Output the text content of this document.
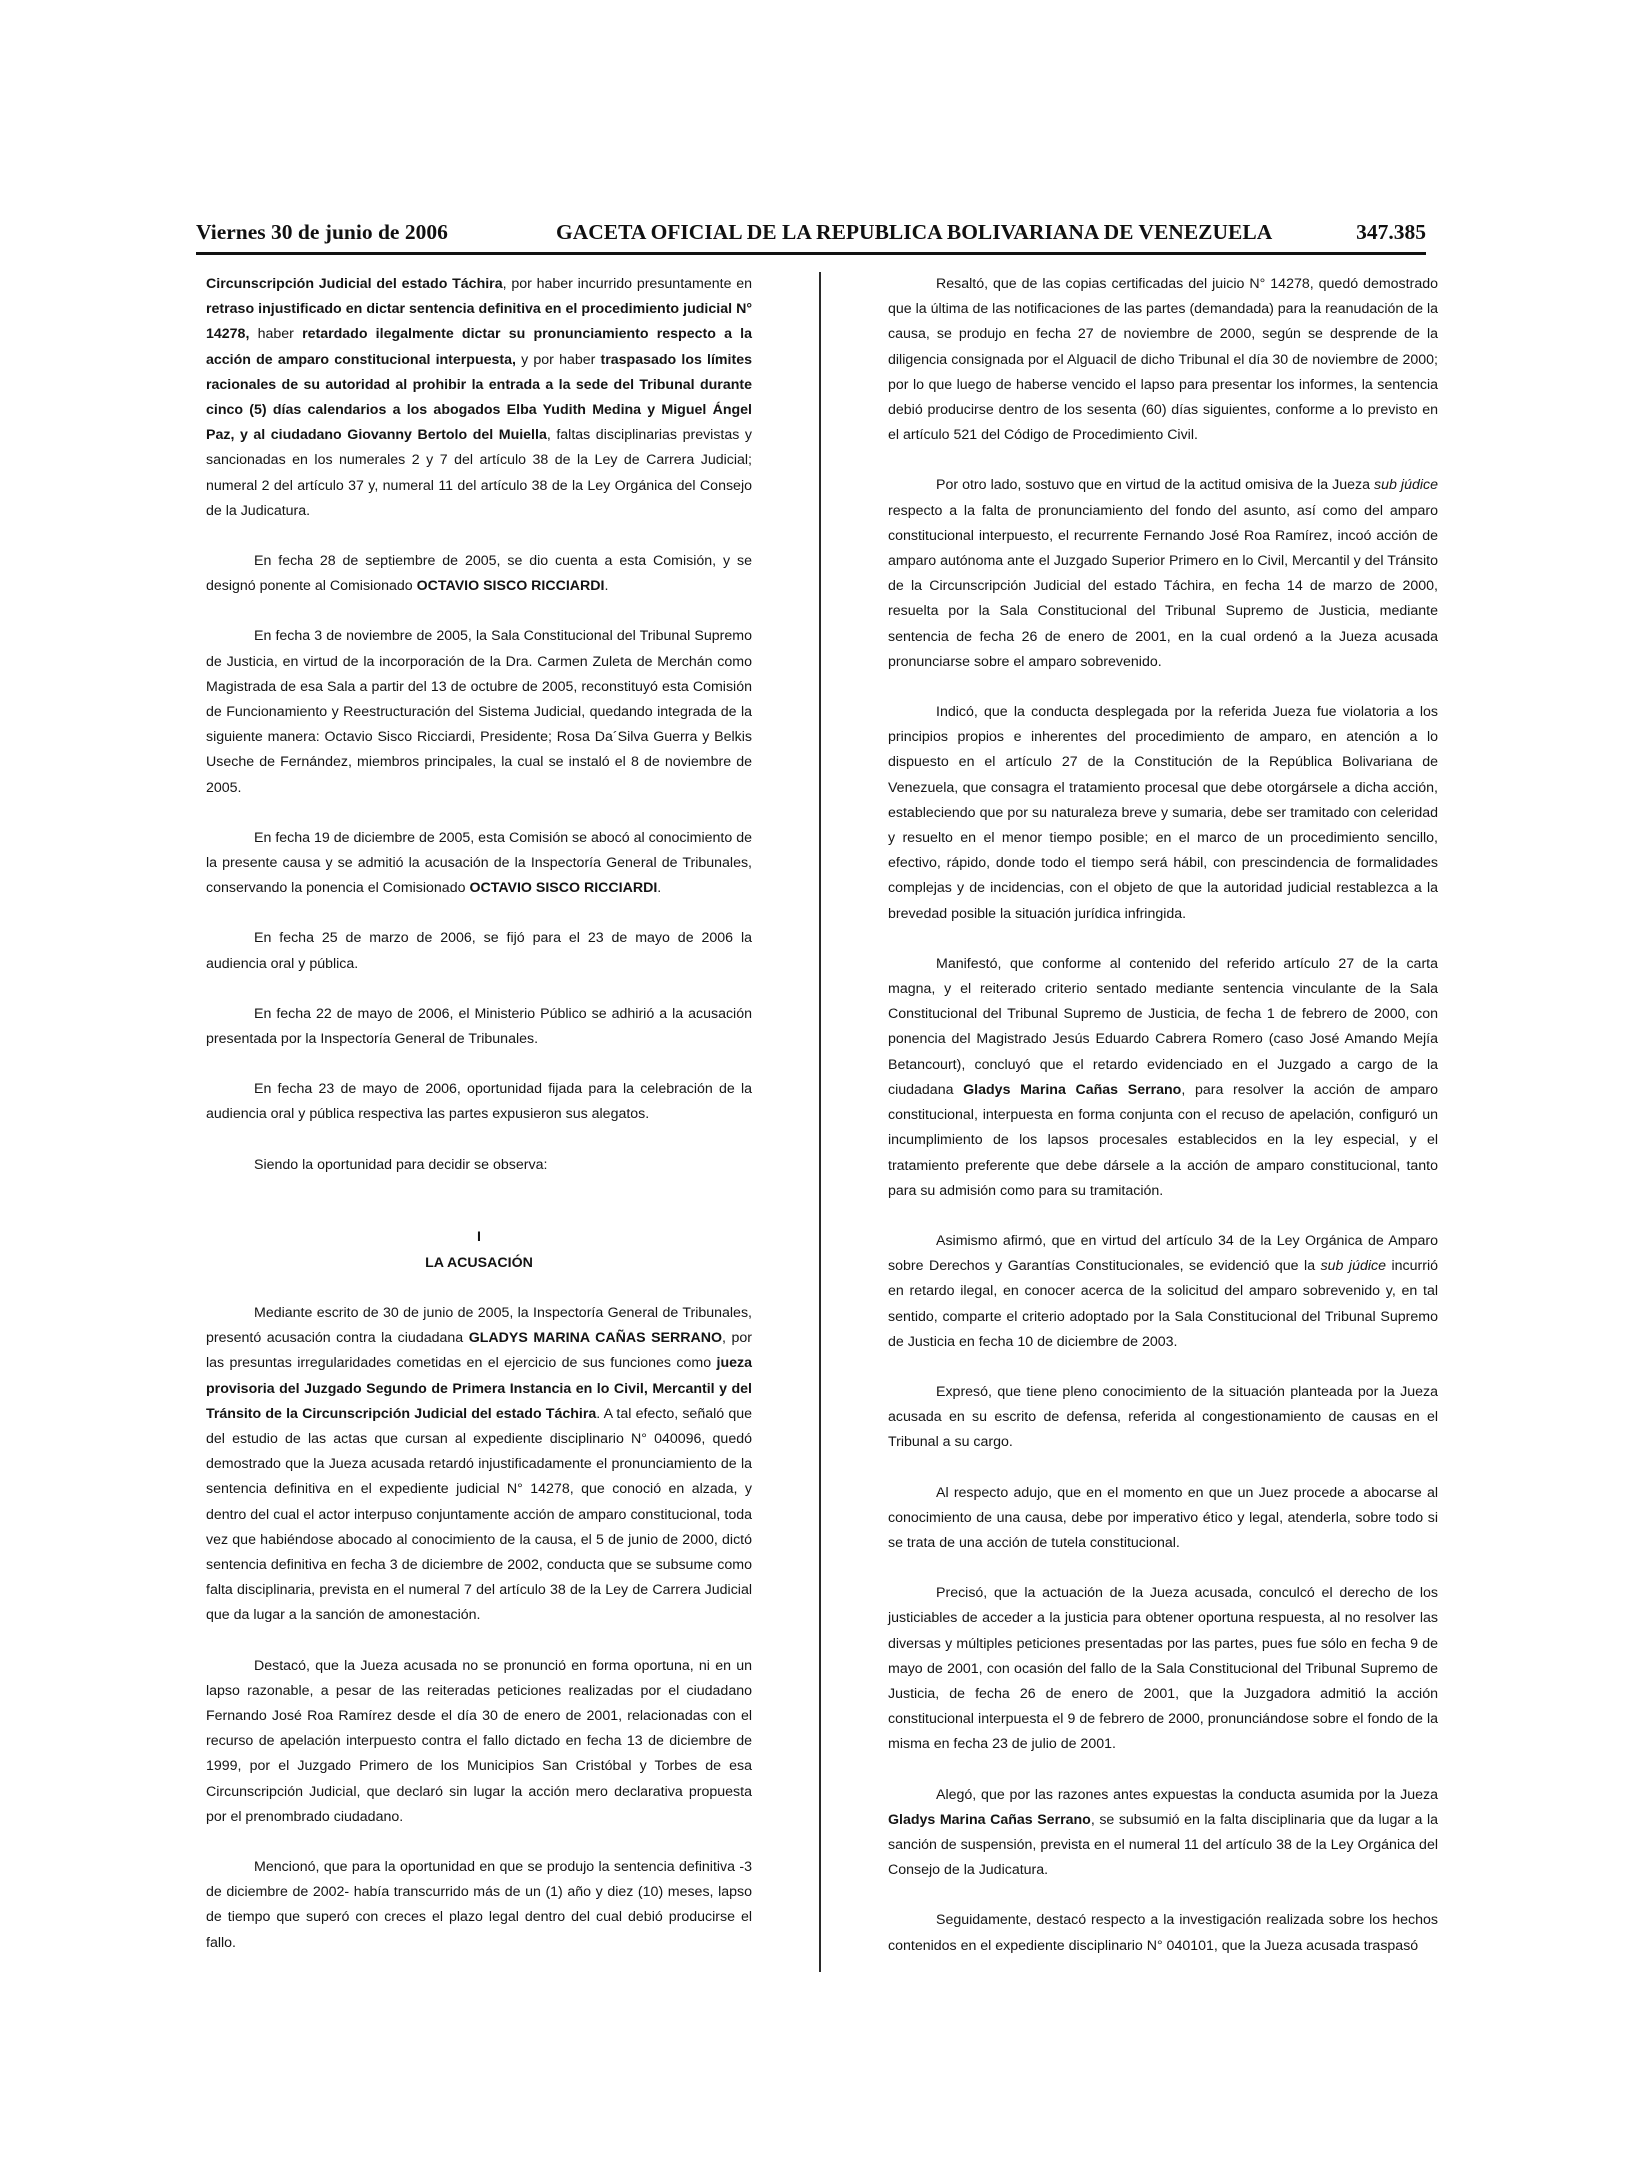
Viernes 30 de junio de 2006	GACETA OFICIAL DE LA REPUBLICA BOLIVARIANA DE VENEZUELA	347.385

Circunscripción Judicial del estado Táchira, por haber incurrido presuntamente en retraso injustificado en dictar sentencia definitiva en el procedimiento judicial N° 14278, haber retardado ilegalmente dictar su pronunciamiento respecto a la acción de amparo constitucional interpuesta, y por haber traspasado los límites racionales de su autoridad al prohibir la entrada a la sede del Tribunal durante cinco (5) días calendarios a los abogados Elba Yudith Medina y Miguel Ángel Paz, y al ciudadano Giovanny Bertolo del Muiella, faltas disciplinarias previstas y sancionadas en los numerales 2 y 7 del artículo 38 de la Ley de Carrera Judicial; numeral 2 del artículo 37 y, numeral 11 del artículo 38 de la Ley Orgánica del Consejo de la Judicatura.

En fecha 28 de septiembre de 2005, se dio cuenta a esta Comisión, y se designó ponente al Comisionado OCTAVIO SISCO RICCIARDI.

En fecha 3 de noviembre de 2005, la Sala Constitucional del Tribunal Supremo de Justicia, en virtud de la incorporación de la Dra. Carmen Zuleta de Merchán como Magistrada de esa Sala a partir del 13 de octubre de 2005, reconstituyó esta Comisión de Funcionamiento y Reestructuración del Sistema Judicial, quedando integrada de la siguiente manera: Octavio Sisco Ricciardi, Presidente; Rosa Da´Silva Guerra y Belkis Useche de Fernández, miembros principales, la cual se instaló el 8 de noviembre de 2005.

En fecha 19 de diciembre de 2005, esta Comisión se abocó al conocimiento de la presente causa y se admitió la acusación de la Inspectoría General de Tribunales, conservando la ponencia el Comisionado OCTAVIO SISCO RICCIARDI.

En fecha 25 de marzo de 2006, se fijó para el 23 de mayo de 2006 la audiencia oral y pública.

En fecha 22 de mayo de 2006, el Ministerio Público se adhirió a la acusación presentada por la Inspectoría General de Tribunales.

En fecha 23 de mayo de 2006, oportunidad fijada para la celebración de la audiencia oral y pública respectiva las partes expusieron sus alegatos.

Siendo la oportunidad para decidir se observa:

I
LA ACUSACIÓN

Mediante escrito de 30 de junio de 2005, la Inspectoría General de Tribunales, presentó acusación contra la ciudadana GLADYS MARINA CAÑAS SERRANO, por las presuntas irregularidades cometidas en el ejercicio de sus funciones como jueza provisoria del Juzgado Segundo de Primera Instancia en lo Civil, Mercantil y del Tránsito de la Circunscripción Judicial del estado Táchira. A tal efecto, señaló que del estudio de las actas que cursan al expediente disciplinario N° 040096, quedó demostrado que la Jueza acusada retardó injustificadamente el pronunciamiento de la sentencia definitiva en el expediente judicial N° 14278, que conoció en alzada, y dentro del cual el actor interpuso conjuntamente acción de amparo constitucional, toda vez que habiéndose abocado al conocimiento de la causa, el 5 de junio de 2000, dictó sentencia definitiva en fecha 3 de diciembre de 2002, conducta que se subsume como falta disciplinaria, prevista en el numeral 7 del artículo 38 de la Ley de Carrera Judicial que da lugar a la sanción de amonestación.

Destacó, que la Jueza acusada no se pronunció en forma oportuna, ni en un lapso razonable, a pesar de las reiteradas peticiones realizadas por el ciudadano Fernando José Roa Ramírez desde el día 30 de enero de 2001, relacionadas con el recurso de apelación interpuesto contra el fallo dictado en fecha 13 de diciembre de 1999, por el Juzgado Primero de los Municipios San Cristóbal y Torbes de esa Circunscripción Judicial, que declaró sin lugar la acción mero declarativa propuesta por el prenombrado ciudadano.

Mencionó, que para la oportunidad en que se produjo la sentencia definitiva -3 de diciembre de 2002- había transcurrido más de un (1) año y diez (10) meses, lapso de tiempo que superó con creces el plazo legal dentro del cual debió producirse el fallo.

Resaltó, que de las copias certificadas del juicio N° 14278, quedó demostrado que la última de las notificaciones de las partes (demandada) para la reanudación de la causa, se produjo en fecha 27 de noviembre de 2000, según se desprende de la diligencia consignada por el Alguacil de dicho Tribunal el día 30 de noviembre de 2000; por lo que luego de haberse vencido el lapso para presentar los informes, la sentencia debió producirse dentro de los sesenta (60) días siguientes, conforme a lo previsto en el artículo 521 del Código de Procedimiento Civil.

Por otro lado, sostuvo que en virtud de la actitud omisiva de la Jueza sub júdice respecto a la falta de pronunciamiento del fondo del asunto, así como del amparo constitucional interpuesto, el recurrente Fernando José Roa Ramírez, incoó acción de amparo autónoma ante el Juzgado Superior Primero en lo Civil, Mercantil y del Tránsito de la Circunscripción Judicial del estado Táchira, en fecha 14 de marzo de 2000, resuelta por la Sala Constitucional del Tribunal Supremo de Justicia, mediante sentencia de fecha 26 de enero de 2001, en la cual ordenó a la Jueza acusada pronunciarse sobre el amparo sobrevenido.

Indicó, que la conducta desplegada por la referida Jueza fue violatoria a los principios propios e inherentes del procedimiento de amparo, en atención a lo dispuesto en el artículo 27 de la Constitución de la República Bolivariana de Venezuela, que consagra el tratamiento procesal que debe otorgársele a dicha acción, estableciendo que por su naturaleza breve y sumaria, debe ser tramitado con celeridad y resuelto en el menor tiempo posible; en el marco de un procedimiento sencillo, efectivo, rápido, donde todo el tiempo será hábil, con prescindencia de formalidades complejas y de incidencias, con el objeto de que la autoridad judicial restablezca a la brevedad posible la situación jurídica infringida.

Manifestó, que conforme al contenido del referido artículo 27 de la carta magna, y el reiterado criterio sentado mediante sentencia vinculante de la Sala Constitucional del Tribunal Supremo de Justicia, de fecha 1 de febrero de 2000, con ponencia del Magistrado Jesús Eduardo Cabrera Romero (caso José Amando Mejía Betancourt), concluyó que el retardo evidenciado en el Juzgado a cargo de la ciudadana Gladys Marina Cañas Serrano, para resolver la acción de amparo constitucional, interpuesta en forma conjunta con el recuso de apelación, configuró un incumplimiento de los lapsos procesales establecidos en la ley especial, y el tratamiento preferente que debe dársele a la acción de amparo constitucional, tanto para su admisión como para su tramitación.

Asimismo afirmó, que en virtud del artículo 34 de la Ley Orgánica de Amparo sobre Derechos y Garantías Constitucionales, se evidenció que la sub júdice incurrió en retardo ilegal, en conocer acerca de la solicitud del amparo sobrevenido y, en tal sentido, comparte el criterio adoptado por la Sala Constitucional del Tribunal Supremo de Justicia en fecha 10 de diciembre de 2003.

Expresó, que tiene pleno conocimiento de la situación planteada por la Jueza acusada en su escrito de defensa, referida al congestionamiento de causas en el Tribunal a su cargo.

Al respecto adujo, que en el momento en que un Juez procede a abocarse al conocimiento de una causa, debe por imperativo ético y legal, atenderla, sobre todo si se trata de una acción de tutela constitucional.

Precisó, que la actuación de la Jueza acusada, conculcó el derecho de los justiciables de acceder a la justicia para obtener oportuna respuesta, al no resolver las diversas y múltiples peticiones presentadas por las partes, pues fue sólo en fecha 9 de mayo de 2001, con ocasión del fallo de la Sala Constitucional del Tribunal Supremo de Justicia, de fecha 26 de enero de 2001, que la Juzgadora admitió la acción constitucional interpuesta el 9 de febrero de 2000, pronunciándose sobre el fondo de la misma en fecha 23 de julio de 2001.

Alegó, que por las razones antes expuestas la conducta asumida por la Jueza Gladys Marina Cañas Serrano, se subsumió en la falta disciplinaria que da lugar a la sanción de suspensión, prevista en el numeral 11 del artículo 38 de la Ley Orgánica del Consejo de la Judicatura.

Seguidamente, destacó respecto a la investigación realizada sobre los hechos contenidos en el expediente disciplinario N° 040101, que la Jueza acusada traspasó
